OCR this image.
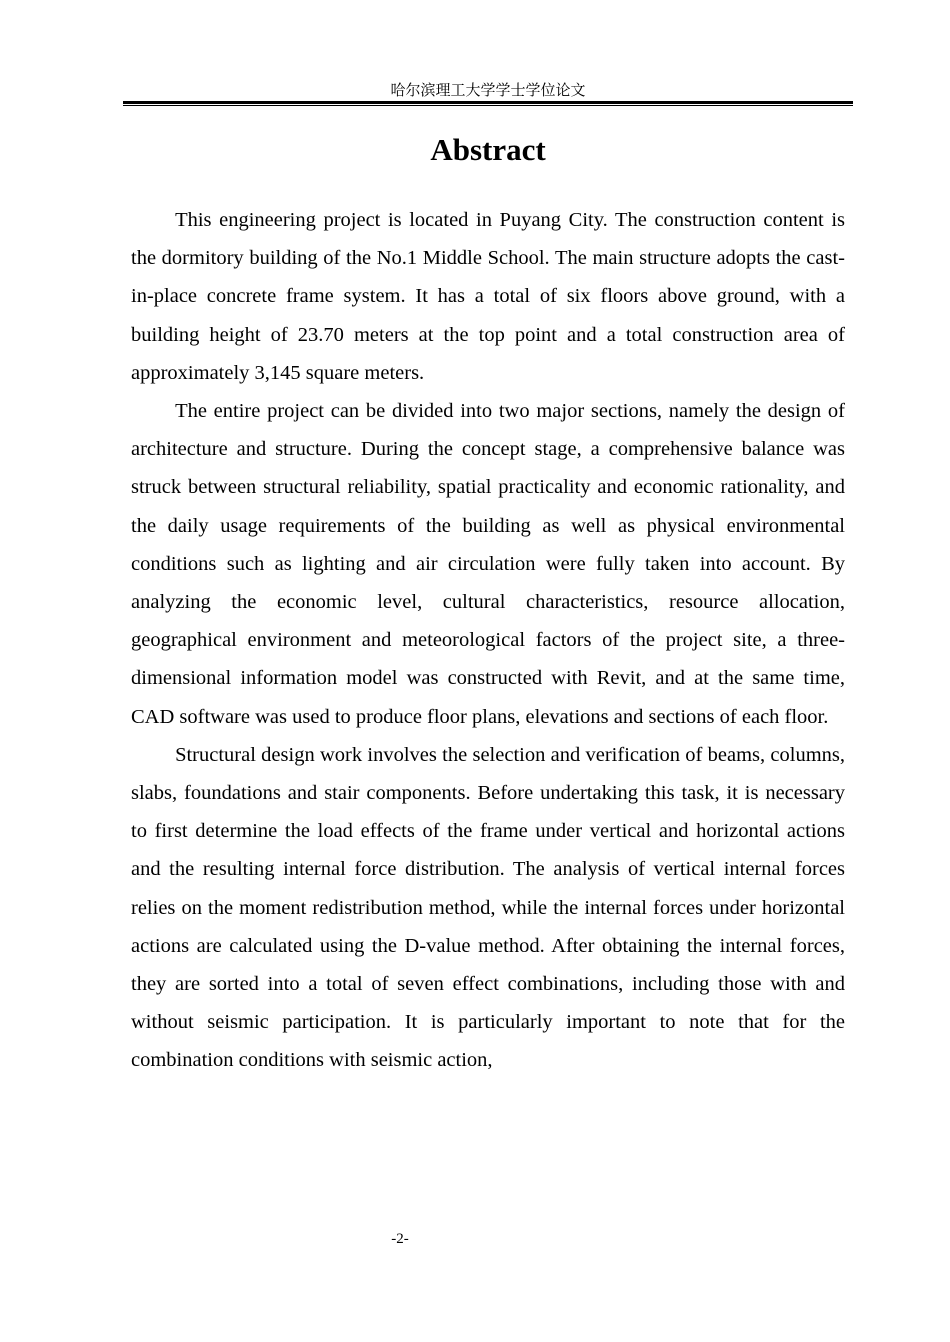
哈尔滨理工大学学士学位论文
Abstract

This engineering project is located in Puyang City. The construction content is the dormitory building of the No.1 Middle School. The main structure adopts the cast-in-place concrete frame system. It has a total of six floors above ground, with a building height of 23.70 meters at the top point and a total construction area of approximately 3,145 square meters.

The entire project can be divided into two major sections, namely the design of architecture and structure. During the concept stage, a comprehensive balance was struck between structural reliability, spatial practicality and economic rationality, and the daily usage requirements of the building as well as physical environmental conditions such as lighting and air circulation were fully taken into account. By analyzing the economic level, cultural characteristics, resource allocation, geographical environment and meteorological factors of the project site, a three-dimensional information model was constructed with Revit, and at the same time, CAD software was used to produce floor plans, elevations and sections of each floor.

Structural design work involves the selection and verification of beams, columns, slabs, foundations and stair components. Before undertaking this task, it is necessary to first determine the load effects of the frame under vertical and horizontal actions and the resulting internal force distribution. The analysis of vertical internal forces relies on the moment redistribution method, while the internal forces under horizontal actions are calculated using the D-value method. After obtaining the internal forces, they are sorted into a total of seven effect combinations, including those with and without seismic participation. It is particularly important to note that for the combination conditions with seismic action,

-2-
